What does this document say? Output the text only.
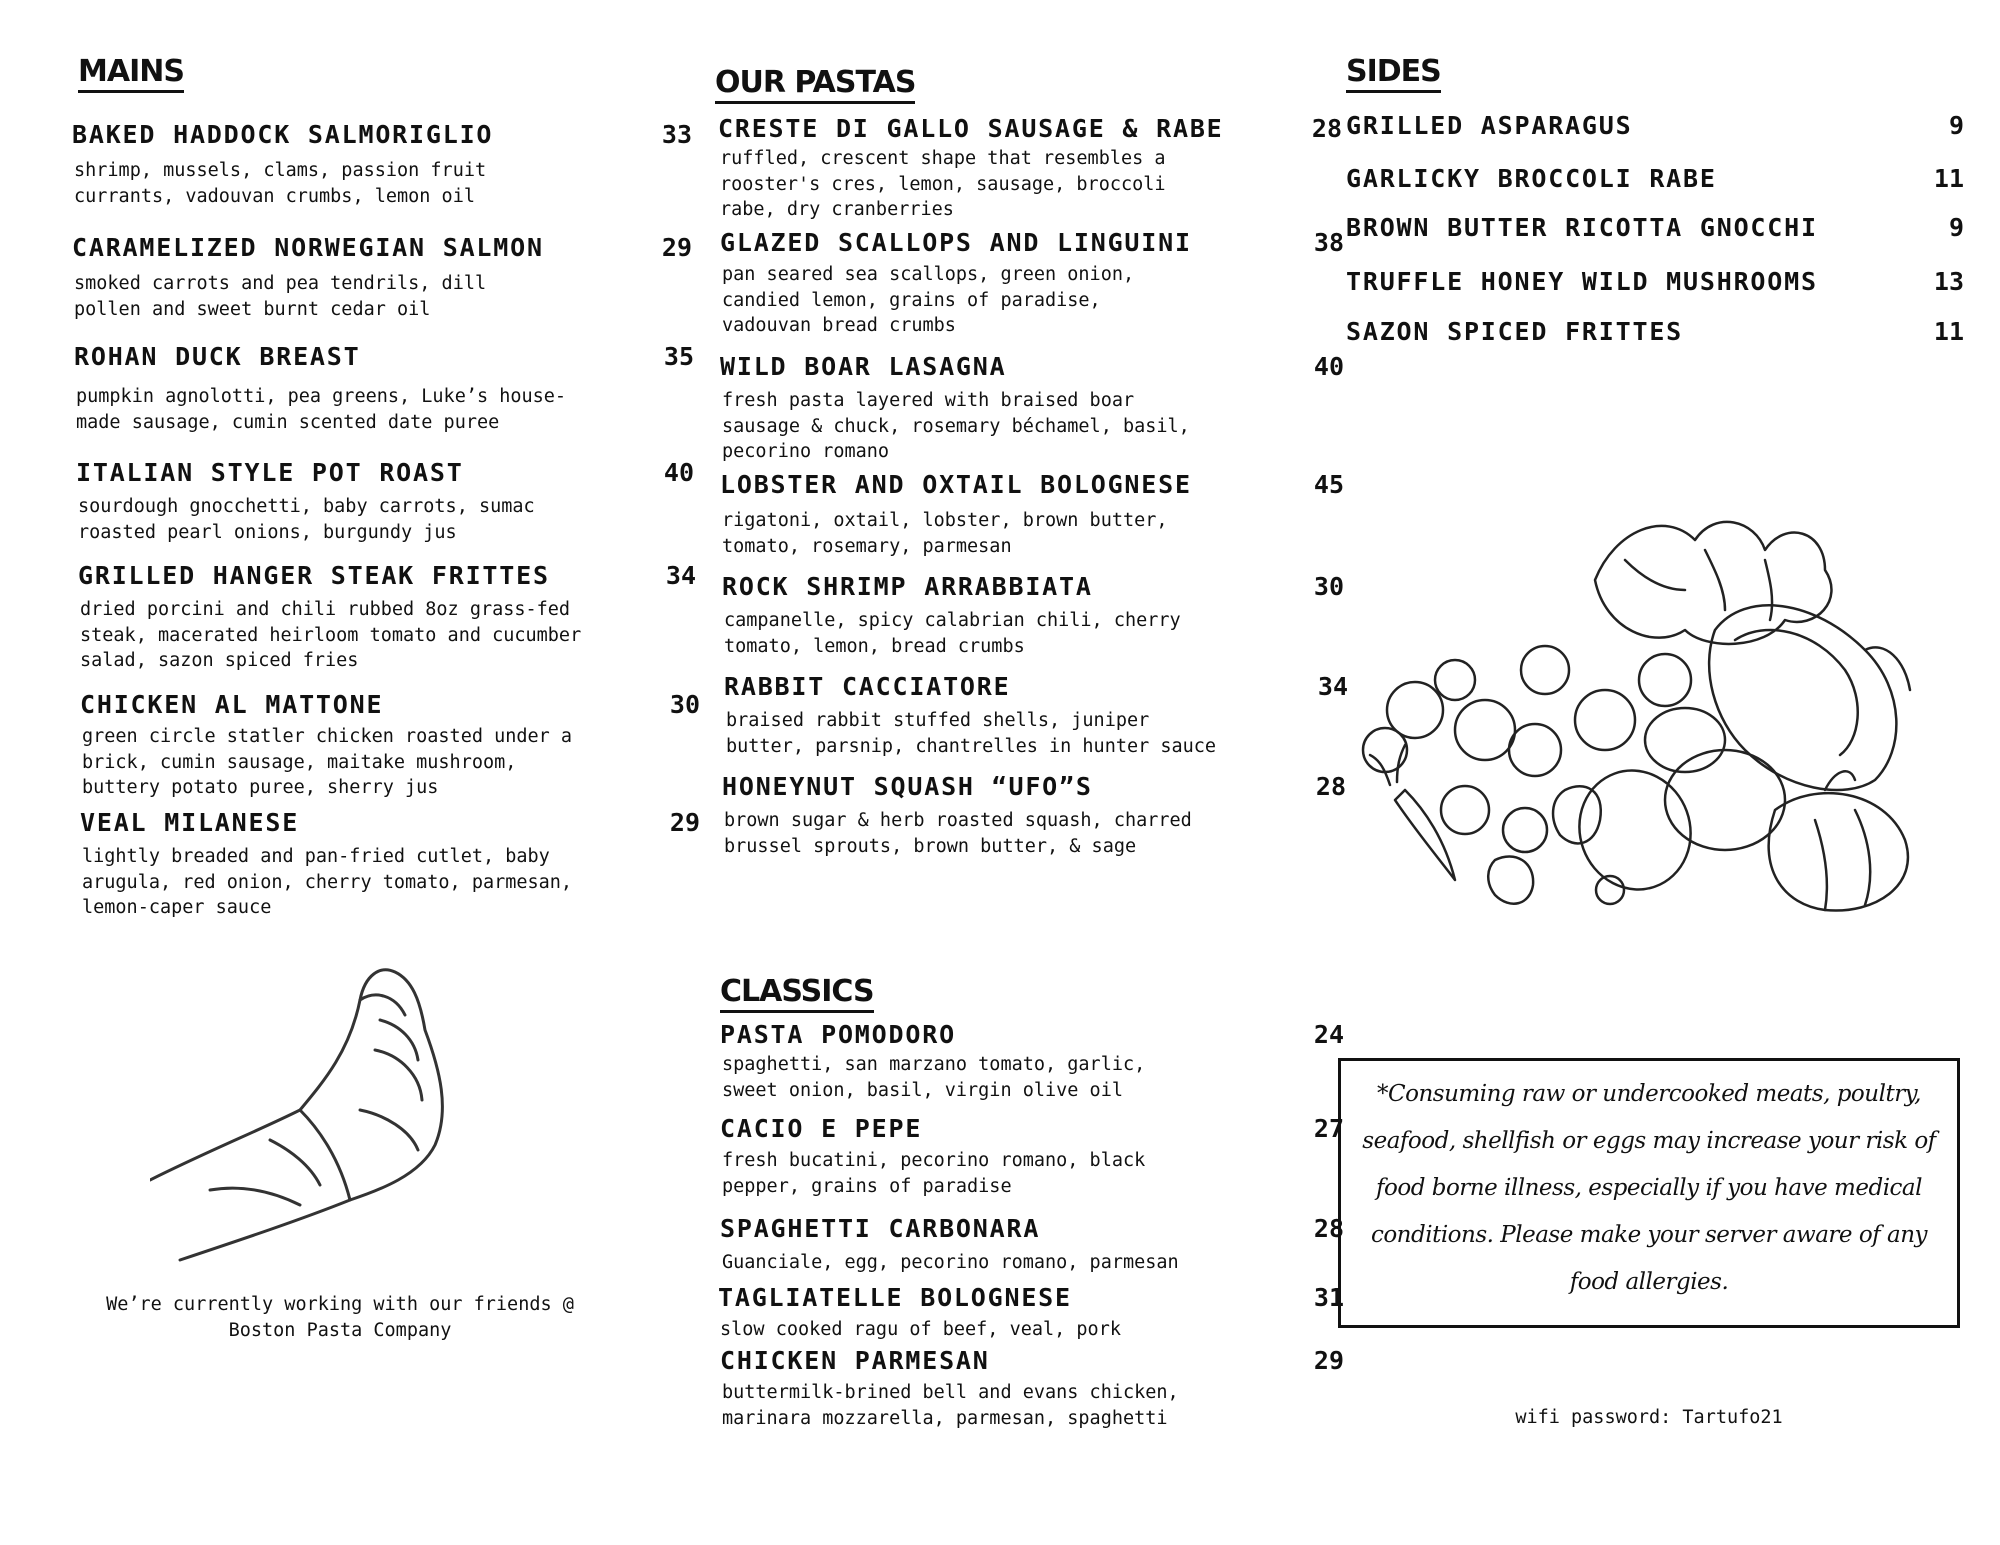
MAINS
BAKED HADDOCK SALMORIGLIO	33
shrimp, mussels, clams, passion fruit
currants, vadouvan crumbs, lemon oil
CARAMELIZED NORWEGIAN SALMON	29
smoked carrots and pea tendrils, dill
pollen and sweet burnt cedar oil
ROHAN DUCK BREAST	35
pumpkin agnolotti, pea greens, Luke’s house-
made sausage, cumin scented date puree
ITALIAN STYLE POT ROAST	40
sourdough gnocchetti, baby carrots, sumac
roasted pearl onions, burgundy jus
GRILLED HANGER STEAK FRITTES	34
dried porcini and chili rubbed 8oz grass-fed
steak, macerated heirloom tomato and cucumber
salad, sazon spiced fries
CHICKEN AL MATTONE	30
green circle statler chicken roasted under a
brick, cumin sausage, maitake mushroom,
buttery potato puree, sherry jus
VEAL MILANESE	29
lightly breaded and pan-fried cutlet, baby
arugula, red onion, cherry tomato, parmesan,
lemon-caper sauce
We’re currently working with our friends @
Boston Pasta Company
OUR PASTAS
CRESTE DI GALLO SAUSAGE & RABE	28
ruffled, crescent shape that resembles a
rooster's cres, lemon, sausage, broccoli
rabe, dry cranberries
GLAZED SCALLOPS AND LINGUINI	38
pan seared sea scallops, green onion,
candied lemon, grains of paradise,
vadouvan bread crumbs
WILD BOAR LASAGNA	40
fresh pasta layered with braised boar
sausage & chuck, rosemary béchamel, basil,
pecorino romano
LOBSTER AND OXTAIL BOLOGNESE	45
rigatoni, oxtail, lobster, brown butter,
tomato, rosemary, parmesan
ROCK SHRIMP ARRABBIATA	30
campanelle, spicy calabrian chili, cherry
tomato, lemon, bread crumbs
RABBIT CACCIATORE	34
braised rabbit stuffed shells, juniper
butter, parsnip, chantrelles in hunter sauce
HONEYNUT SQUASH “UFO”S	28
brown sugar & herb roasted squash, charred
brussel sprouts, brown butter, & sage
CLASSICS
PASTA POMODORO	24
spaghetti, san marzano tomato, garlic,
sweet onion, basil, virgin olive oil
CACIO E PEPE	27
fresh bucatini, pecorino romano, black
pepper, grains of paradise
SPAGHETTI CARBONARA	28
Guanciale, egg, pecorino romano, parmesan
TAGLIATELLE BOLOGNESE	31
slow cooked ragu of beef, veal, pork
CHICKEN PARMESAN	29
buttermilk-brined bell and evans chicken,
marinara mozzarella, parmesan, spaghetti
SIDES
GRILLED ASPARAGUS	9
GARLICKY BROCCOLI RABE	11
BROWN BUTTER RICOTTA GNOCCHI	9
TRUFFLE HONEY WILD MUSHROOMS	13
SAZON SPICED FRITTES	11
*Consuming raw or undercooked meats, poultry, seafood, shellfish or eggs may increase your risk of food borne illness, especially if you have medical conditions. Please make your server aware of any food allergies.
wifi password: Tartufo21
